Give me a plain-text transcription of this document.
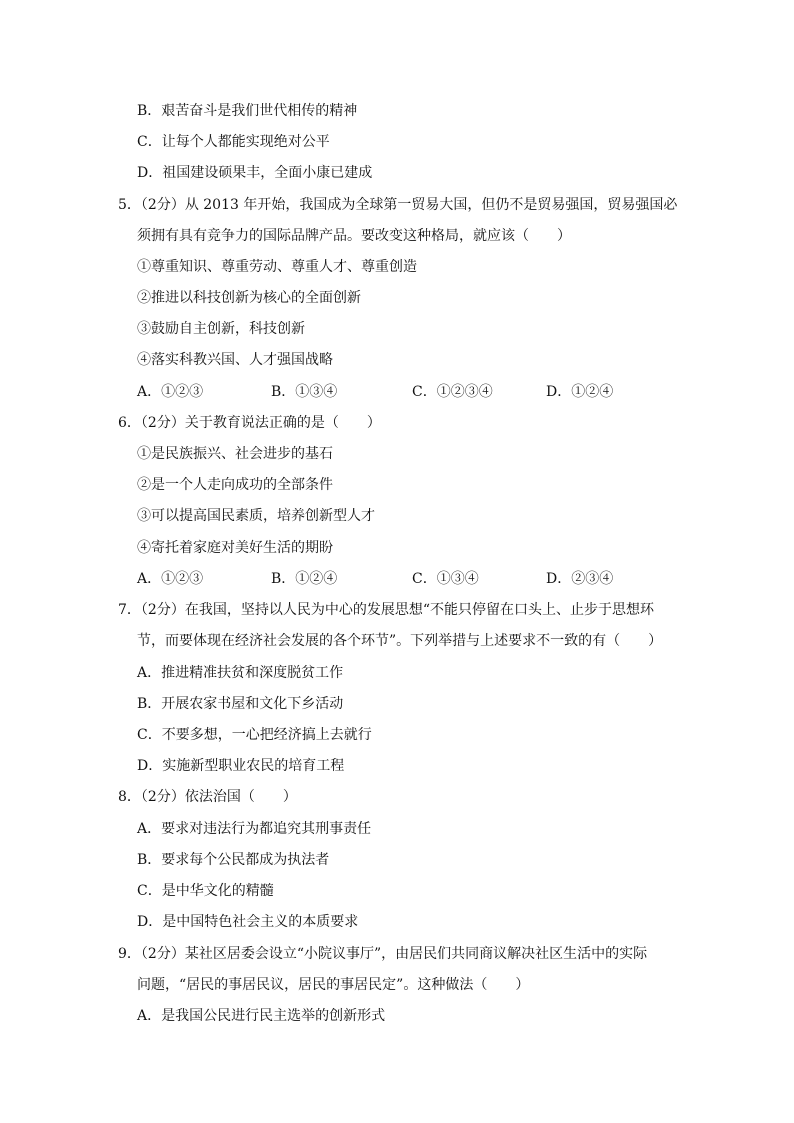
B．艰苦奋斗是我们世代相传的精神
C．让每个人都能实现绝对公平
D．祖国建设硕果丰，全面小康已建成
5．（2分）从 2013 年开始，我国成为全球第一贸易大国，但仍不是贸易强国，贸易强国必
须拥有具有竞争力的国际品牌产品。要改变这种格局，就应该（　　）
①尊重知识、尊重劳动、尊重人才、尊重创造
②推进以科技创新为核心的全面创新
③鼓励自主创新，科技创新
④落实科教兴国、人才强国战略
A．①②③	B．①③④	C．①②③④	D．①②④
6．（2分）关于教育说法正确的是（　　）
①是民族振兴、社会进步的基石
②是一个人走向成功的全部条件
③可以提高国民素质，培养创新型人才
④寄托着家庭对美好生活的期盼
A．①②③	B．①②④	C．①③④	D．②③④
7．（2分）在我国，坚持以人民为中心的发展思想“不能只停留在口头上、止步于思想环
节，而要体现在经济社会发展的各个环节”。下列举措与上述要求不一致的有（　　）
A．推进精准扶贫和深度脱贫工作
B．开展农家书屋和文化下乡活动
C．不要多想，一心把经济搞上去就行
D．实施新型职业农民的培育工程
8．（2分）依法治国（　　）
A．要求对违法行为都追究其刑事责任
B．要求每个公民都成为执法者
C．是中华文化的精髓
D．是中国特色社会主义的本质要求
9．（2分）某社区居委会设立“小院议事厅”，由居民们共同商议解决社区生活中的实际
问题，“居民的事居民议，居民的事居民定”。这种做法（　　）
A．是我国公民进行民主选举的创新形式
